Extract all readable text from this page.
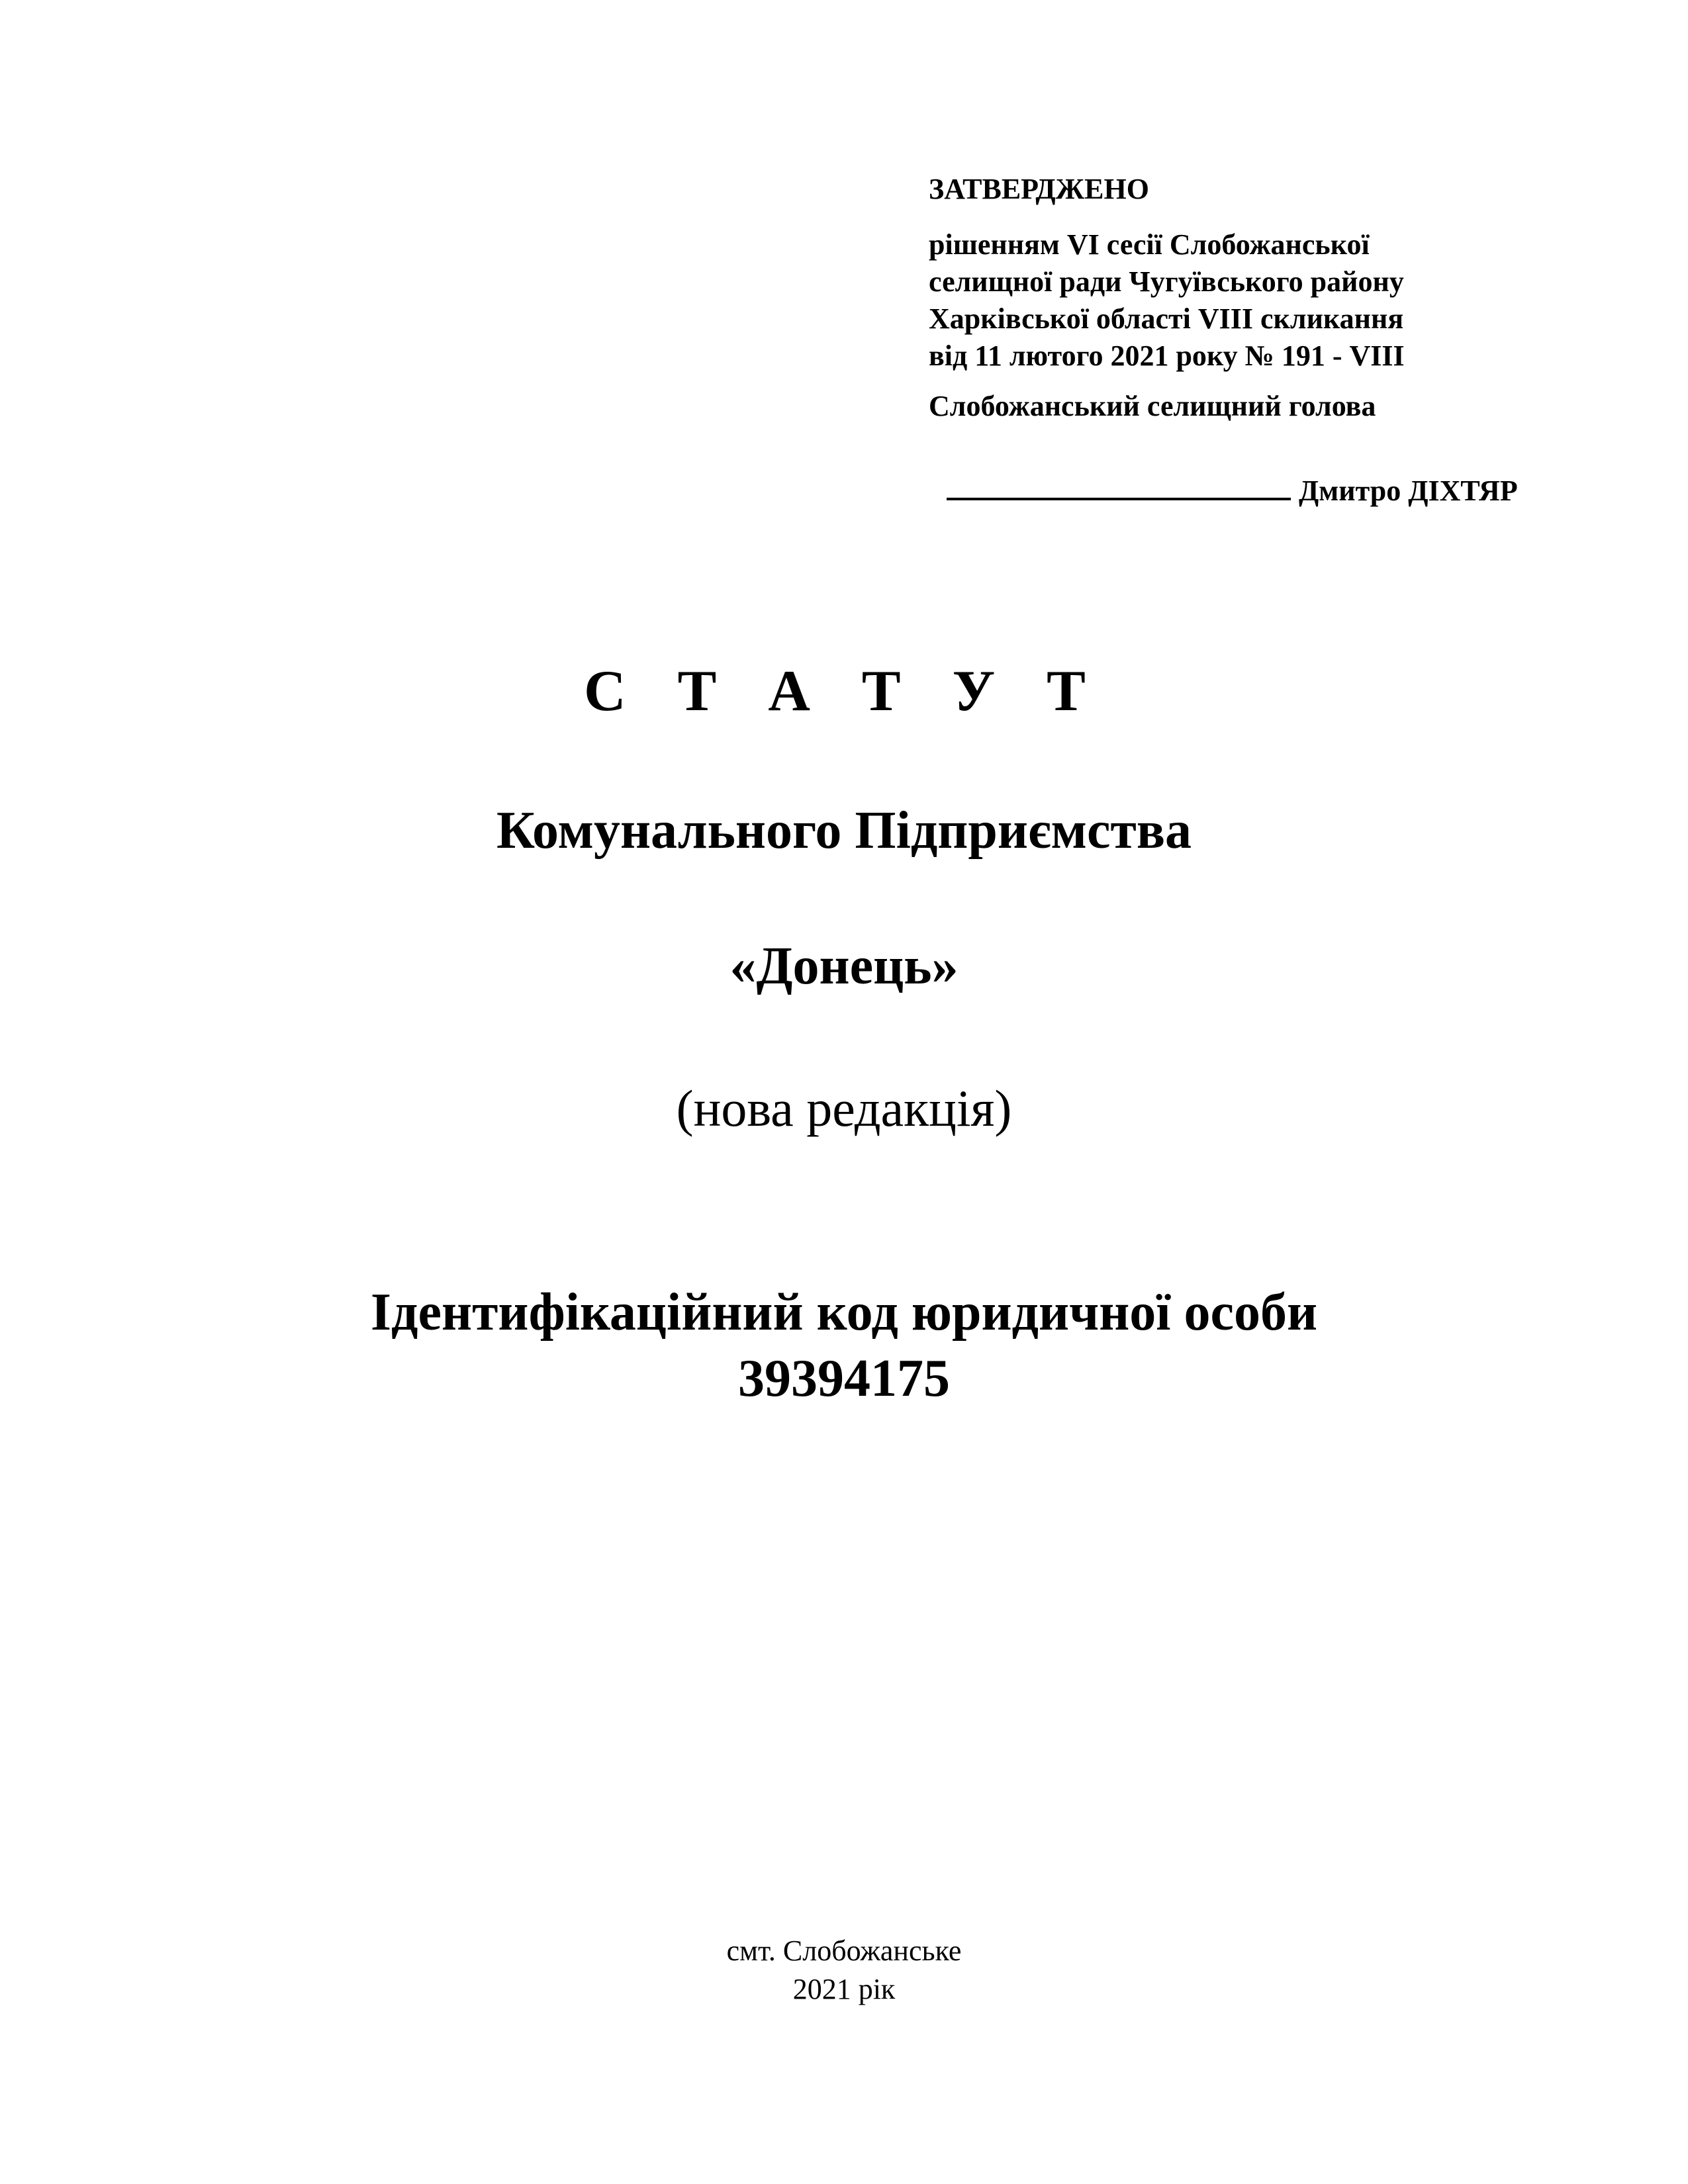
ЗАТВЕРДЖЕНО
рішенням VI сесії Слобожанської
селищної ради Чугуївського району
Харківської області VIII скликання
від 11 лютого 2021 року № 191 - VIII
Слобожанський селищний голова
Дмитро ДІХТЯР
С Т А Т У Т
Комунального Підприємства
«Донець»
(нова редакція)
Ідентифікаційний код юридичної особи
39394175
смт. Слобожанське
2021 рік
